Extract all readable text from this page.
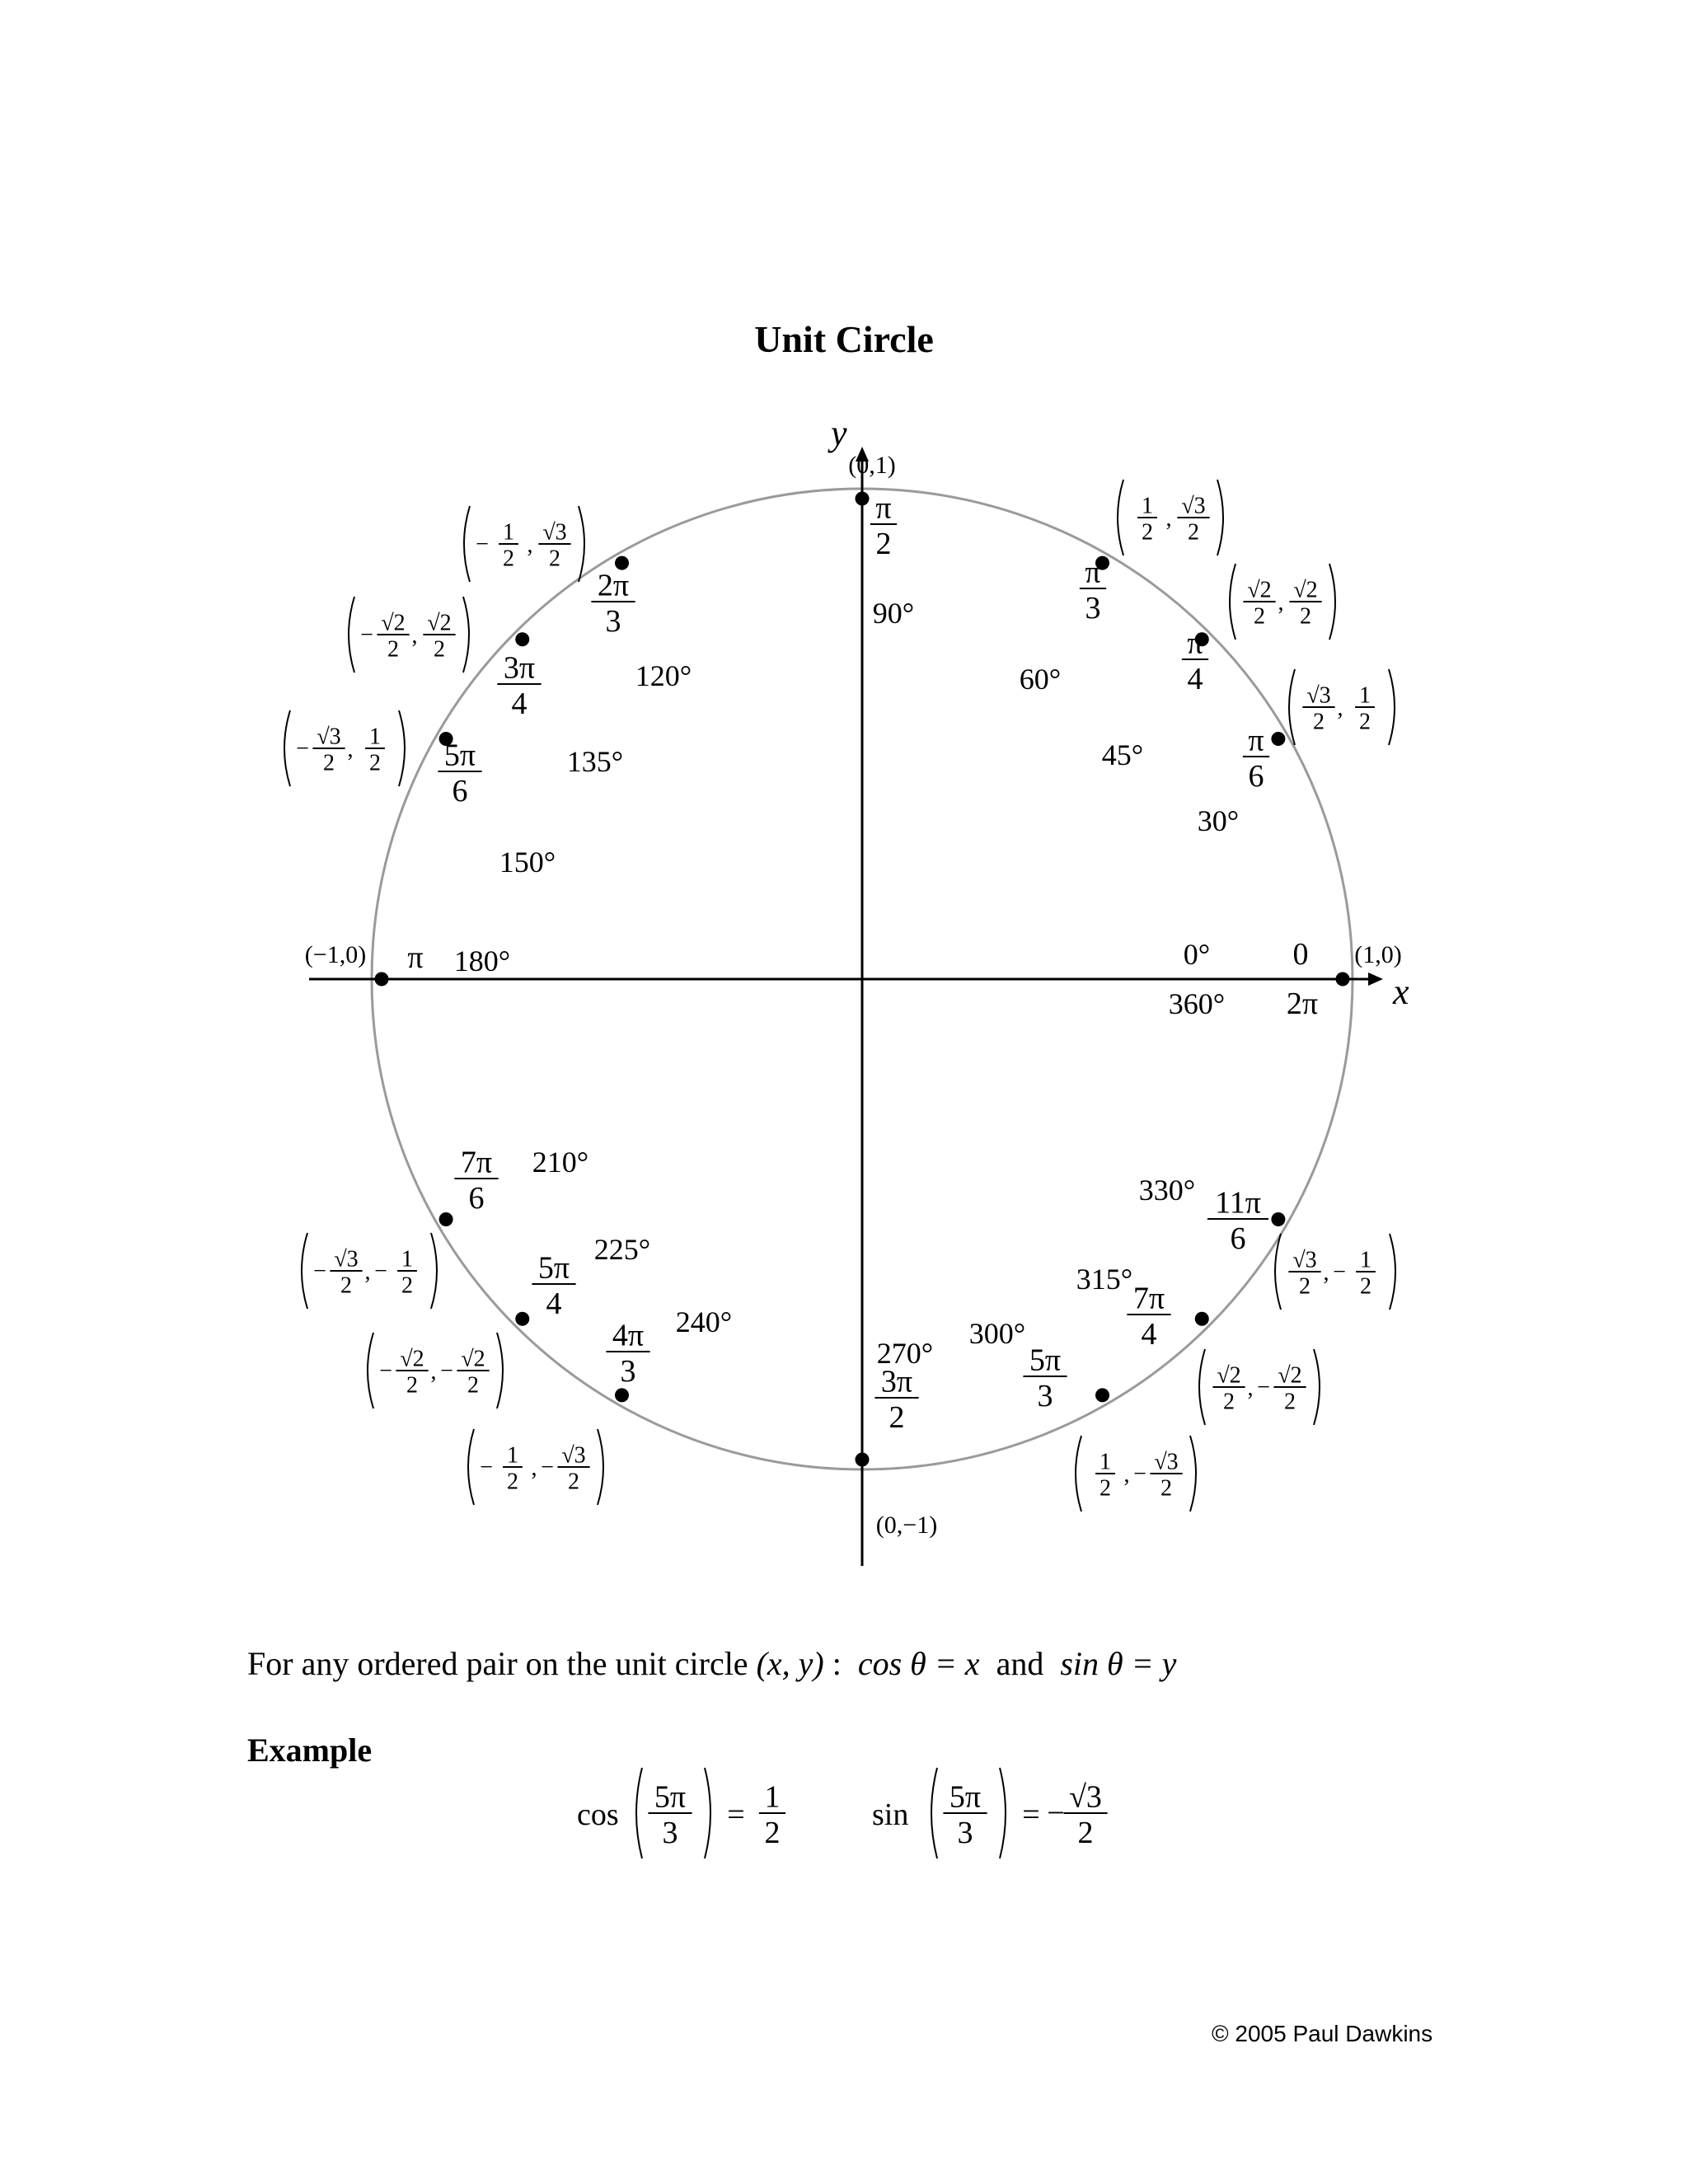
Unit Circle
x
y
0°	0 (1,0)
30°
π
6
√3
2
,
1
2
45°
π
4
√2
2
,
√2
2
60°
π
3
1
2
,
√3
2
90°
π
2
(0,1)
120°
2π
3
− 1
2
,
√3
2
135°
3π
4
− √2
2
,
√2
2
150°
5π
6
− √3
2
,
1
2
180°
π
(−1,0)
210°
7π
6
− √3
2
, − 1
2
225°
5π
4
− √2
2
, − √2
2
240°
4π
3
− 1
2
, − √3
2
270°
3π
2
(0,−1)
300°
5π
3
1
2
, − √3
2
315°
7π
4
√2
2
, − √2
2
330° 11π
6
√3
2
, − 1
2
360° 2π
For any ordered pair on the unit circle (x, y) : cos θ = x and sin θ = y
Example
cos
5π
3
=
1
2
sin
5π
3
= − √3
2
© 2005 Paul Dawkins
